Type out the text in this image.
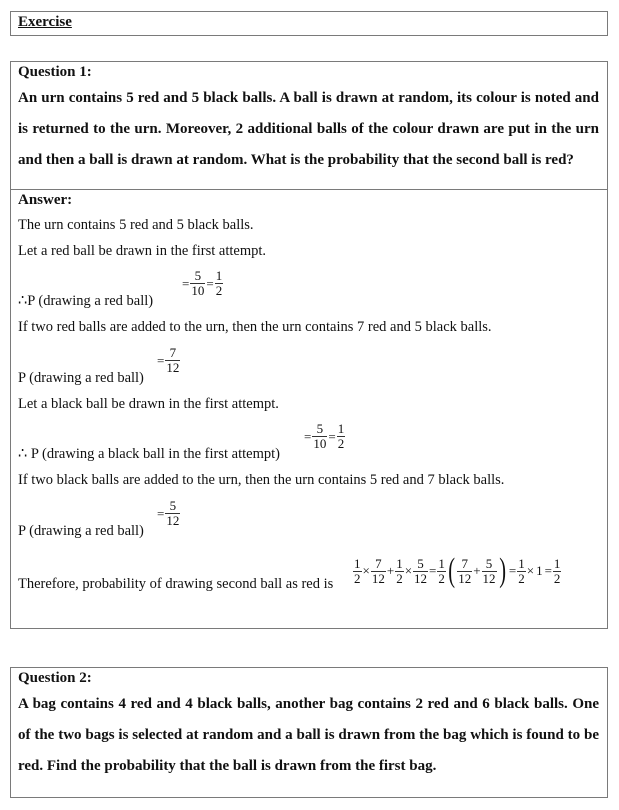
Exercise
Question 1:
An urn contains 5 red and 5 black balls. A ball is drawn at random, its colour is noted and is returned to the urn. Moreover, 2 additional balls of the colour drawn are put in the urn and then a ball is drawn at random. What is the probability that the second ball is red?
Answer:
The urn contains 5 red and 5 black balls.
Let a red ball be drawn in the first attempt.
∴P (drawing a red ball)
= $\frac{5}{10} = \frac{1}{2}$
If two red balls are added to the urn, then the urn contains 7 red and 5 black balls.
P (drawing a red ball)
= $\frac{7}{12}$
Let a black ball be drawn in the first attempt.
∴ P (drawing a black ball in the first attempt)
= $\frac{5}{10} = \frac{1}{2}$
If two black balls are added to the urn, then the urn contains 5 red and 7 black balls.
P (drawing a red ball)
= $\frac{5}{12}$
Therefore, probability of drawing second ball as red is $\frac{1}{2} \times \frac{7}{12} + \frac{1}{2} \times \frac{5}{12} = \frac{1}{2}$ ( $\frac{7}{12} + \frac{5}{12}$ ) = $\frac{1}{2} \times 1 = \frac{1}{2}$
Question 2:
A bag contains 4 red and 4 black balls, another bag contains 2 red and 6 black balls. One of the two bags is selected at random and a ball is drawn from the bag which is found to be red. Find the probability that the ball is drawn from the first bag.
